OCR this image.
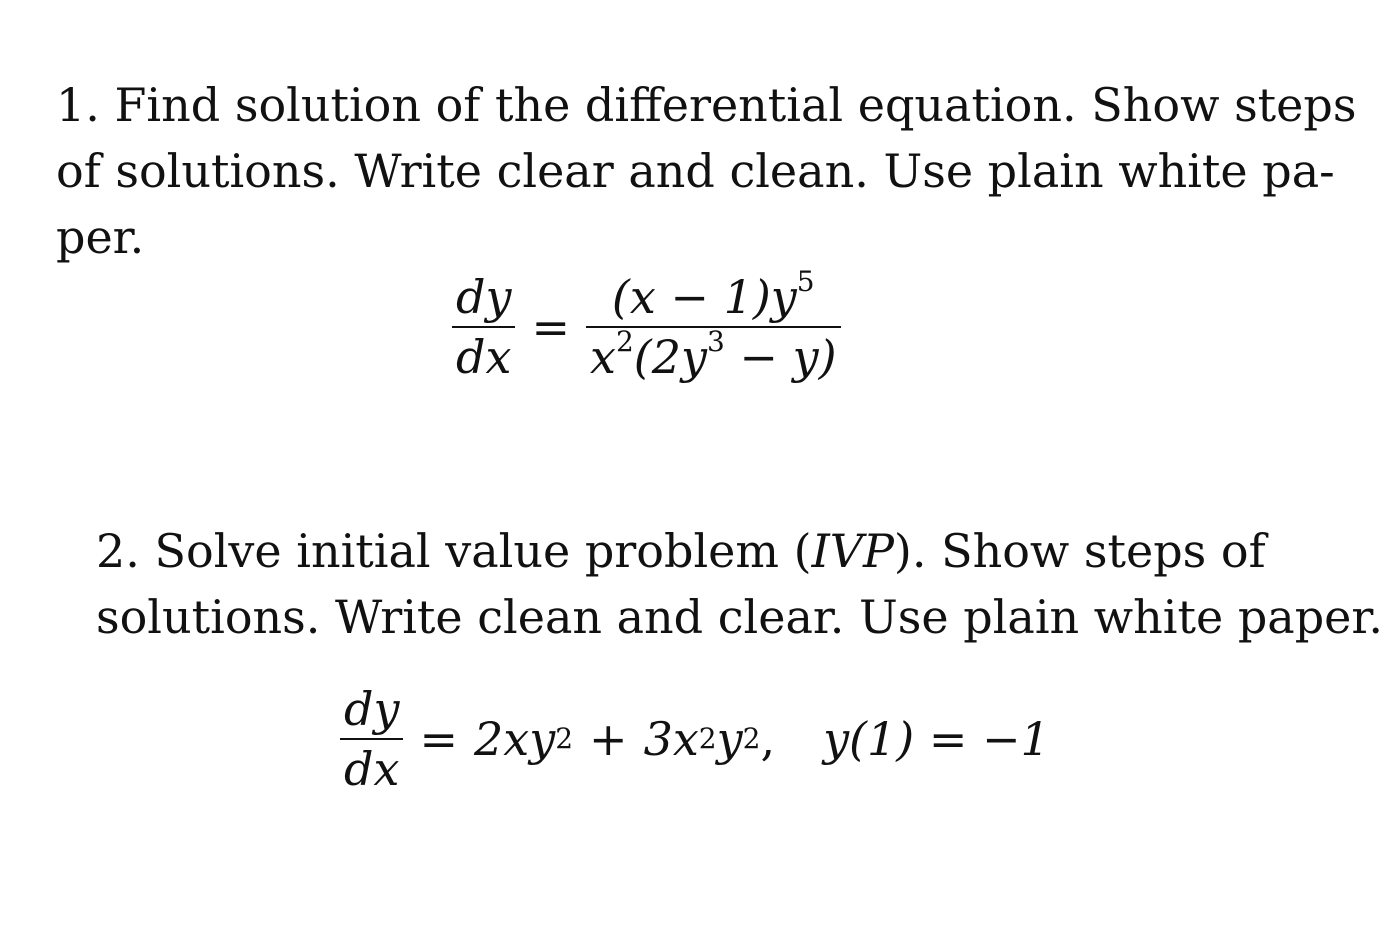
1. Find solution of the differential equation. Show steps
of solutions. Write clear and clean. Use plain white pa-
per.
$\frac{dy}{dx} = \frac{(x - 1)y^5}{x^2(2y^3 - y)}$
2. Solve initial value problem (IVP). Show steps of
solutions. Write clean and clear. Use plain white paper.
$\frac{dy}{dx} = 2xy$ 2 + 3x 2 y 2 , y(1) = −1
